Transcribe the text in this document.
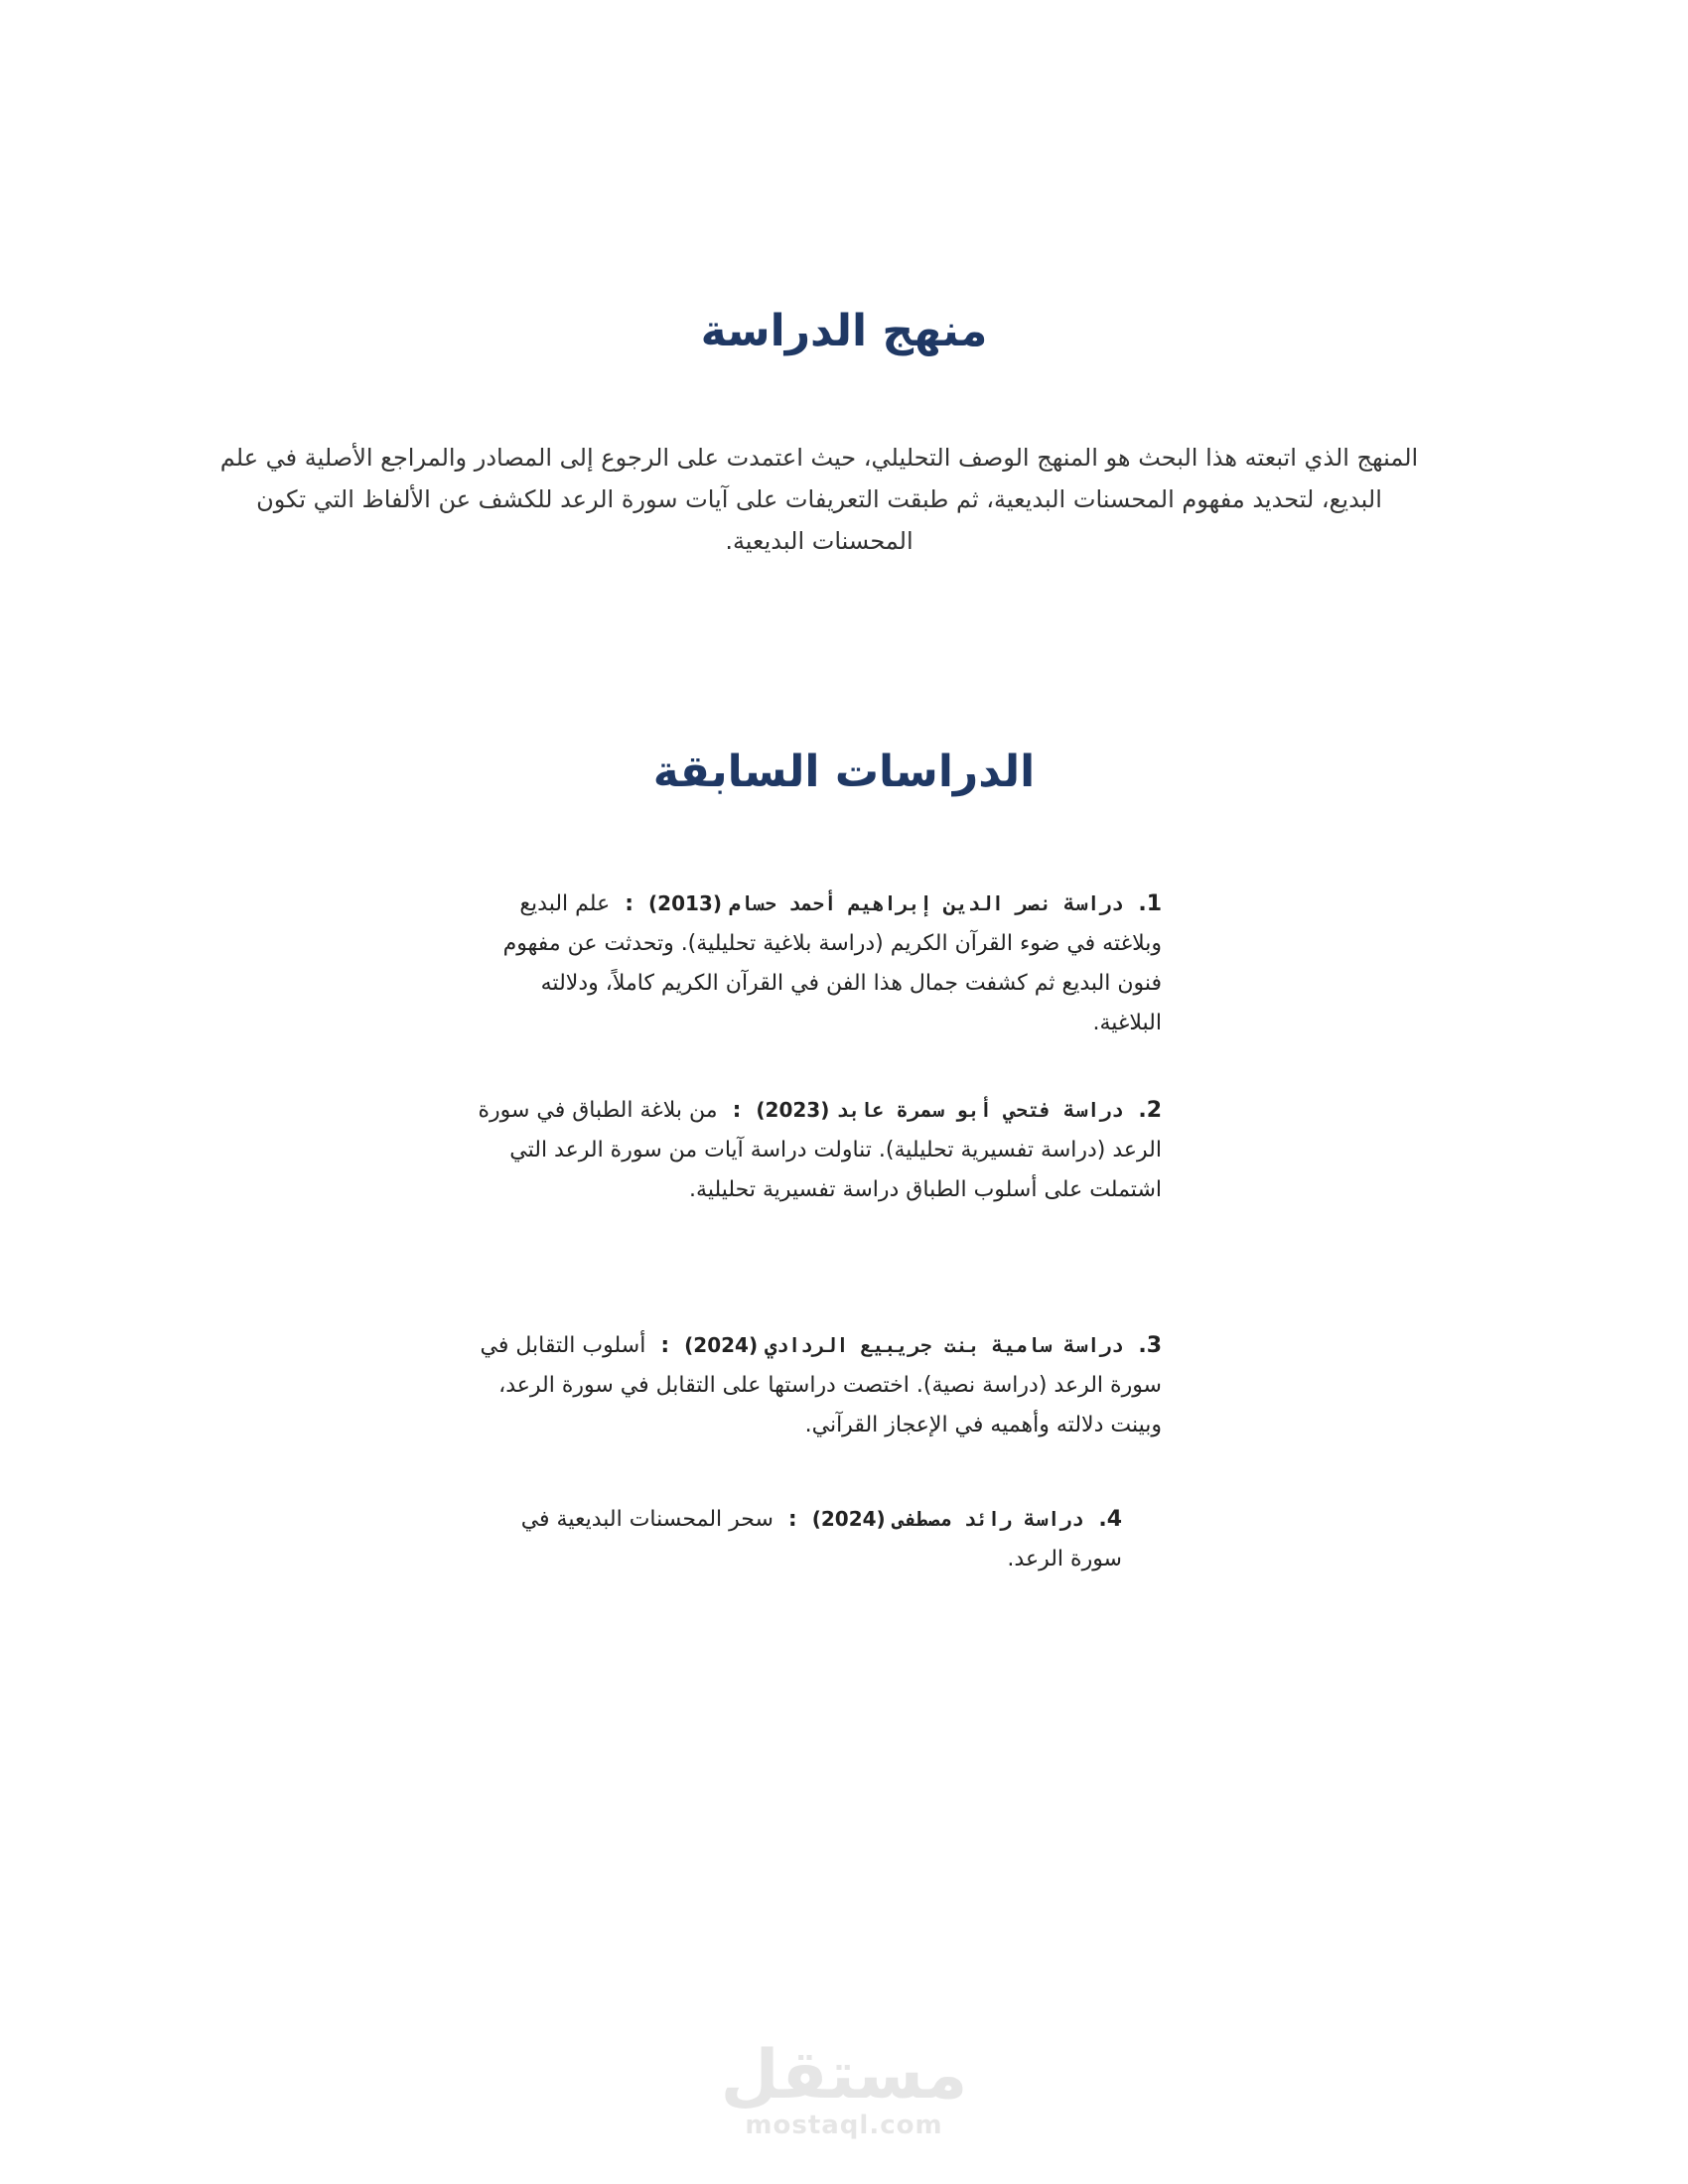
منهج الدراسة

المنهج الذي اتبعته هذا البحث هو المنهج الوصف التحليلي، حيث اعتمدت على الرجوع إلى المصادر والمراجع الأصلية في علم البديع، لتحديد مفهوم المحسنات البديعية، ثم طبقت التعريفات على آيات سورة الرعد للكشف عن الألفاظ التي تكون المحسنات البديعية.

الدراسات السابقة

1. دراسة نصر الدين إبراهيم أحمد حسام (2013) : علم البديع وبلاغته في ضوء القرآن الكريم (دراسة بلاغية تحليلية). وتحدثت عن مفهوم فنون البديع ثم كشفت جمال هذا الفن في القرآن الكريم كاملاً، ودلالته البلاغية.

2. دراسة فتحي أبو سمرة عابد (2023) : من بلاغة الطباق في سورة الرعد (دراسة تفسيرية تحليلية). تناولت دراسة آيات من سورة الرعد التي اشتملت على أسلوب الطباق دراسة تفسيرية تحليلية.

3. دراسة سامية بنت جريبيع الردادي (2024) : أسلوب التقابل في سورة الرعد (دراسة نصية). اختصت دراستها على التقابل في سورة الرعد، وبينت دلالته وأهميه في الإعجاز القرآني.

4. دراسة رائد مصطفى (2024) : سحر المحسنات البديعية في سورة الرعد.

مستقل
mostaql.com
